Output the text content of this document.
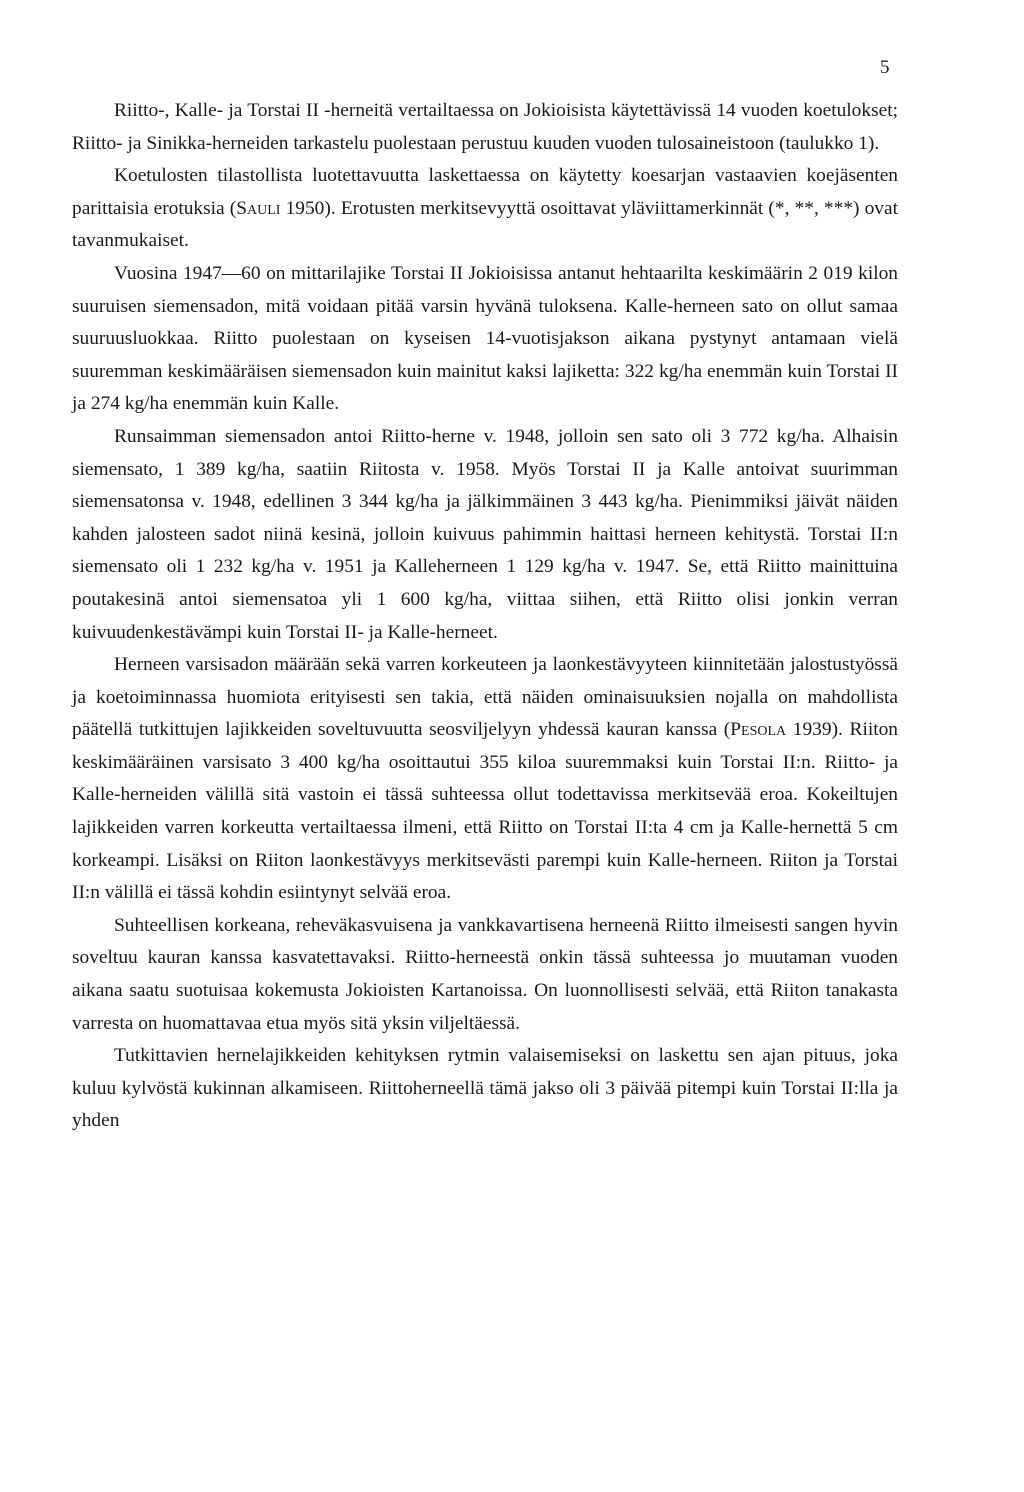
5

Riitto-, Kalle- ja Torstai II -herneitä vertailtaessa on Jokioisista käytettävissä 14 vuoden koetulokset; Riitto- ja Sinikka-herneiden tarkastelu puolestaan perustuu kuuden vuoden tulosaineistoon (taulukko 1).

Koetulosten tilastollista luotettavuutta laskettaessa on käytetty koesarjan vastaavien koejäsenten parittaisia erotuksia (Sauli 1950). Erotusten merkitsevyyttä osoittavat yläviittamerkinnät (*, **, ***) ovat tavanmukaiset.

Vuosina 1947—60 on mittarilajike Torstai II Jokioisissa antanut hehtaarilta keskimäärin 2 019 kilon suuruisen siemensadon, mitä voidaan pitää varsin hyvänä tuloksena. Kalle-herneen sato on ollut samaa suuruusluokkaa. Riitto puolestaan on kyseisen 14-vuotisjakson aikana pystynyt antamaan vielä suuremman keskimääräisen siemensadon kuin mainitut kaksi lajiketta: 322 kg/ha enemmän kuin Torstai II ja 274 kg/ha enemmän kuin Kalle.

Runsaimman siemensadon antoi Riitto-herne v. 1948, jolloin sen sato oli 3 772 kg/ha. Alhaisin siemensato, 1 389 kg/ha, saatiin Riitosta v. 1958. Myös Torstai II ja Kalle antoivat suurimman siemensatonsa v. 1948, edellinen 3 344 kg/ha ja jälkimmäinen 3 443 kg/ha. Pienimmiksi jäivät näiden kahden jalosteen sadot niinä kesinä, jolloin kuivuus pahimmin haittasi herneen kehitystä. Torstai II:n siemensato oli 1 232 kg/ha v. 1951 ja Kalleherneen 1 129 kg/ha v. 1947. Se, että Riitto mainittuina poutakesinä antoi siemensatoa yli 1 600 kg/ha, viittaa siihen, että Riitto olisi jonkin verran kuivuudenkestävämpi kuin Torstai II- ja Kalle-herneet.

Herneen varsisadon määrään sekä varren korkeuteen ja laonkestävyyteen kiinnitetään jalostustyössä ja koetoiminnassa huomiota erityisesti sen takia, että näiden ominaisuuksien nojalla on mahdollista päätellä tutkittujen lajikkeiden soveltuvuutta seosviljelyyn yhdessä kauran kanssa (Pesola 1939). Riiton keskimääräinen varsisato 3 400 kg/ha osoittautui 355 kiloa suuremmaksi kuin Torstai II:n. Riitto- ja Kalle-herneiden välillä sitä vastoin ei tässä suhteessa ollut todettavissa merkitsevää eroa. Kokeiltujen lajikkeiden varren korkeutta vertailtaessa ilmeni, että Riitto on Torstai II:ta 4 cm ja Kalle-hernettä 5 cm korkeampi. Lisäksi on Riiton laonkestävyys merkitsevästi parempi kuin Kalle-herneen. Riiton ja Torstai II:n välillä ei tässä kohdin esiintynyt selvää eroa.

Suhteellisen korkeana, reheväkasvuisena ja vankkavartisena herneenä Riitto ilmeisesti sangen hyvin soveltuu kauran kanssa kasvatettavaksi. Riitto-herneestä onkin tässä suhteessa jo muutaman vuoden aikana saatu suotuisaa kokemusta Jokioisten Kartanoissa. On luonnollisesti selvää, että Riiton tanakasta varresta on huomattavaa etua myös sitä yksin viljeltäessä.

Tutkittavien hernelajikkeiden kehityksen rytmin valaisemiseksi on laskettu sen ajan pituus, joka kuluu kylvöstä kukinnan alkamiseen. Riittoherneellä tämä jakso oli 3 päivää pitempi kuin Torstai II:lla ja yhden
